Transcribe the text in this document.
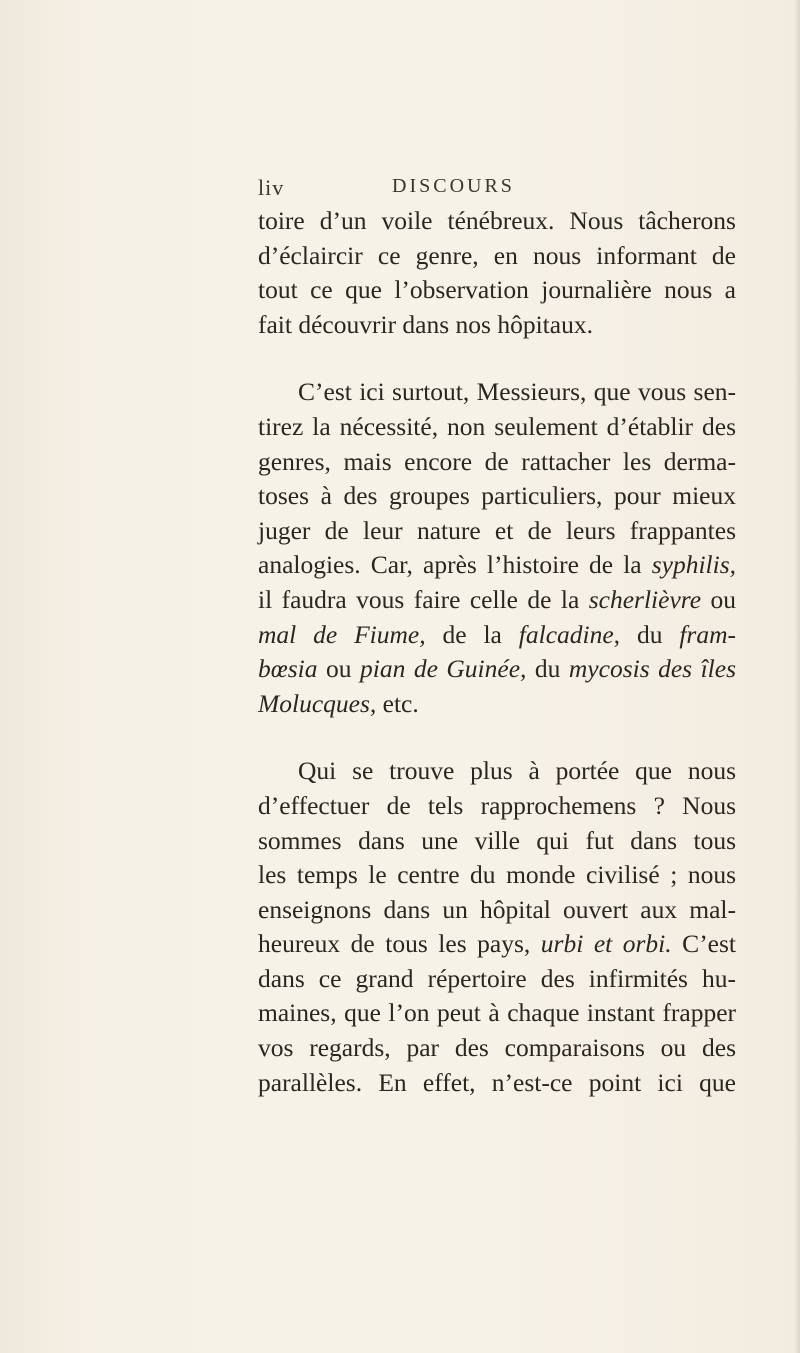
liv	DISCOURS

toire d’un voile ténébreux. Nous tâcherons
d’éclaircir ce genre, en nous informant de
tout ce que l’observation journalière nous a
fait découvrir dans nos hôpitaux.

C’est ici surtout, Messieurs, que vous sen-
tirez la nécessité, non seulement d’établir des
genres, mais encore de rattacher les derma-
toses à des groupes particuliers, pour mieux
juger de leur nature et de leurs frappantes
analogies. Car, après l’histoire de la syphilis,
il faudra vous faire celle de la scherlièvre ou
mal de Fiume, de la falcadine, du fram-
bœsia ou pian de Guinée, du mycosis des îles
Molucques, etc.

Qui se trouve plus à portée que nous
d’effectuer de tels rapprochemens ? Nous
sommes dans une ville qui fut dans tous
les temps le centre du monde civilisé ; nous
enseignons dans un hôpital ouvert aux mal-
heureux de tous les pays, urbi et orbi. C’est
dans ce grand répertoire des infirmités hu-
maines, que l’on peut à chaque instant frapper
vos regards, par des comparaisons ou des
parallèles. En effet, n’est-ce point ici que
